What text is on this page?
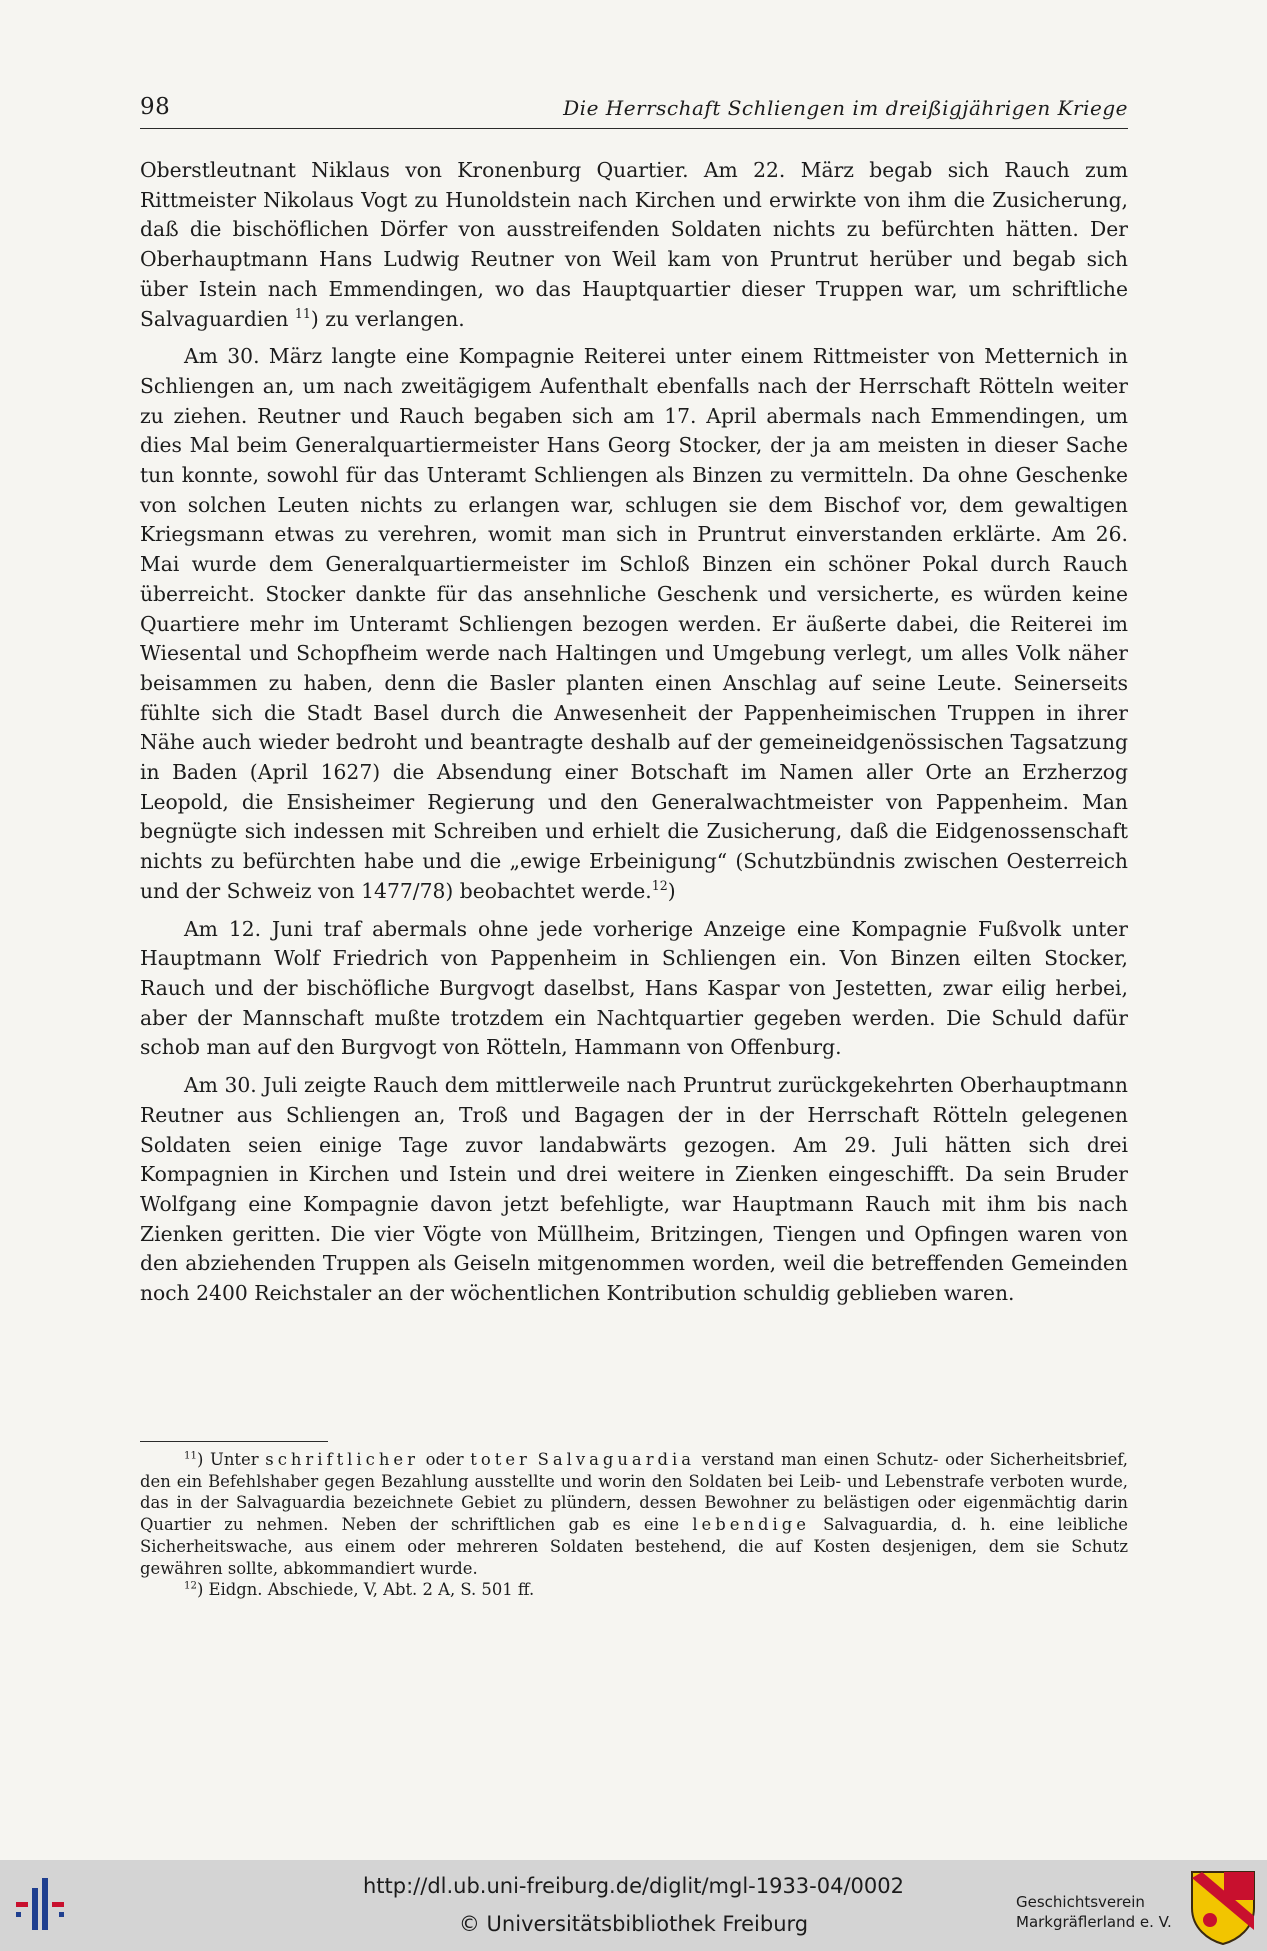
98	Die Herrschaft Schliengen im dreißigjährigen Kriege

Oberstleutnant Niklaus von Kronenburg Quartier. Am 22. März begab sich Rauch zum Rittmeister Nikolaus Vogt zu Hunoldstein nach Kirchen und erwirkte von ihm die Zusicherung, daß die bischöflichen Dörfer von ausstreifenden Soldaten nichts zu befürchten hätten. Der Oberhauptmann Hans Ludwig Reutner von Weil kam von Pruntrut herüber und begab sich über Istein nach Emmendingen, wo das Hauptquartier dieser Truppen war, um schriftliche Salvaguardien $^{11}$) zu verlangen.

Am 30. März langte eine Kompagnie Reiterei unter einem Rittmeister von Metternich in Schliengen an, um nach zweitägigem Aufenthalt ebenfalls nach der Herrschaft Rötteln weiter zu ziehen. Reutner und Rauch begaben sich am 17. April abermals nach Emmendingen, um dies Mal beim Generalquartiermeister Hans Georg Stocker, der ja am meisten in dieser Sache tun konnte, sowohl für das Unteramt Schliengen als Binzen zu vermitteln. Da ohne Geschenke von solchen Leuten nichts zu erlangen war, schlugen sie dem Bischof vor, dem gewaltigen Kriegsmann etwas zu verehren, womit man sich in Pruntrut einverstanden erklärte. Am 26. Mai wurde dem Generalquartiermeister im Schloß Binzen ein schöner Pokal durch Rauch überreicht. Stocker dankte für das ansehnliche Geschenk und versicherte, es würden keine Quartiere mehr im Unteramt Schliengen bezogen werden. Er äußerte dabei, die Reiterei im Wiesental und Schopfheim werde nach Haltingen und Umgebung verlegt, um alles Volk näher beisammen zu haben, denn die Basler planten einen Anschlag auf seine Leute. Seinerseits fühlte sich die Stadt Basel durch die Anwesenheit der Pappenheimischen Truppen in ihrer Nähe auch wieder bedroht und beantragte deshalb auf der gemeineidgenössischen Tagsatzung in Baden (April 1627) die Absendung einer Botschaft im Namen aller Orte an Erzherzog Leopold, die Ensisheimer Regierung und den Generalwachtmeister von Pappenheim. Man begnügte sich indessen mit Schreiben und erhielt die Zusicherung, daß die Eidgenossenschaft nichts zu befürchten habe und die „ewige Erbeinigung“ (Schutzbündnis zwischen Oesterreich und der Schweiz von 1477/78) beobachtet werde.$^{12}$)

Am 12. Juni traf abermals ohne jede vorherige Anzeige eine Kompagnie Fußvolk unter Hauptmann Wolf Friedrich von Pappenheim in Schliengen ein. Von Binzen eilten Stocker, Rauch und der bischöfliche Burgvogt daselbst, Hans Kaspar von Jestetten, zwar eilig herbei, aber der Mannschaft mußte trotzdem ein Nachtquartier gegeben werden. Die Schuld dafür schob man auf den Burgvogt von Rötteln, Hammann von Offenburg.

Am 30. Juli zeigte Rauch dem mittlerweile nach Pruntrut zurückgekehrten Oberhauptmann Reutner aus Schliengen an, Troß und Bagagen der in der Herrschaft Rötteln gelegenen Soldaten seien einige Tage zuvor landabwärts gezogen. Am 29. Juli hätten sich drei Kompagnien in Kirchen und Istein und drei weitere in Zienken eingeschifft. Da sein Bruder Wolfgang eine Kompagnie davon jetzt befehligte, war Hauptmann Rauch mit ihm bis nach Zienken geritten. Die vier Vögte von Müllheim, Britzingen, Tiengen und Opfingen waren von den abziehenden Truppen als Geiseln mitgenommen worden, weil die betreffenden Gemeinden noch 2400 Reichstaler an der wöchentlichen Kontribution schuldig geblieben waren.

$^{11}$) Unter schriftlicher oder toter Salvaguardia verstand man einen Schutz- oder Sicherheitsbrief, den ein Befehlshaber gegen Bezahlung ausstellte und worin den Soldaten bei Leib- und Lebenstrafe verboten wurde, das in der Salvaguardia bezeichnete Gebiet zu plündern, dessen Bewohner zu belästigen oder eigenmächtig darin Quartier zu nehmen. Neben der schriftlichen gab es eine lebendige Salvaguardia, d. h. eine leibliche Sicherheitswache, aus einem oder mehreren Soldaten bestehend, die auf Kosten desjenigen, dem sie Schutz gewähren sollte, abkommandiert wurde.

$^{12}$) Eidgn. Abschiede, V, Abt. 2 A, S. 501 ff.

http://dl.ub.uni-freiburg.de/diglit/mgl-1933-04/0002
© Universitätsbibliothek Freiburg
Geschichtsverein
Markgräflerland e. V.
